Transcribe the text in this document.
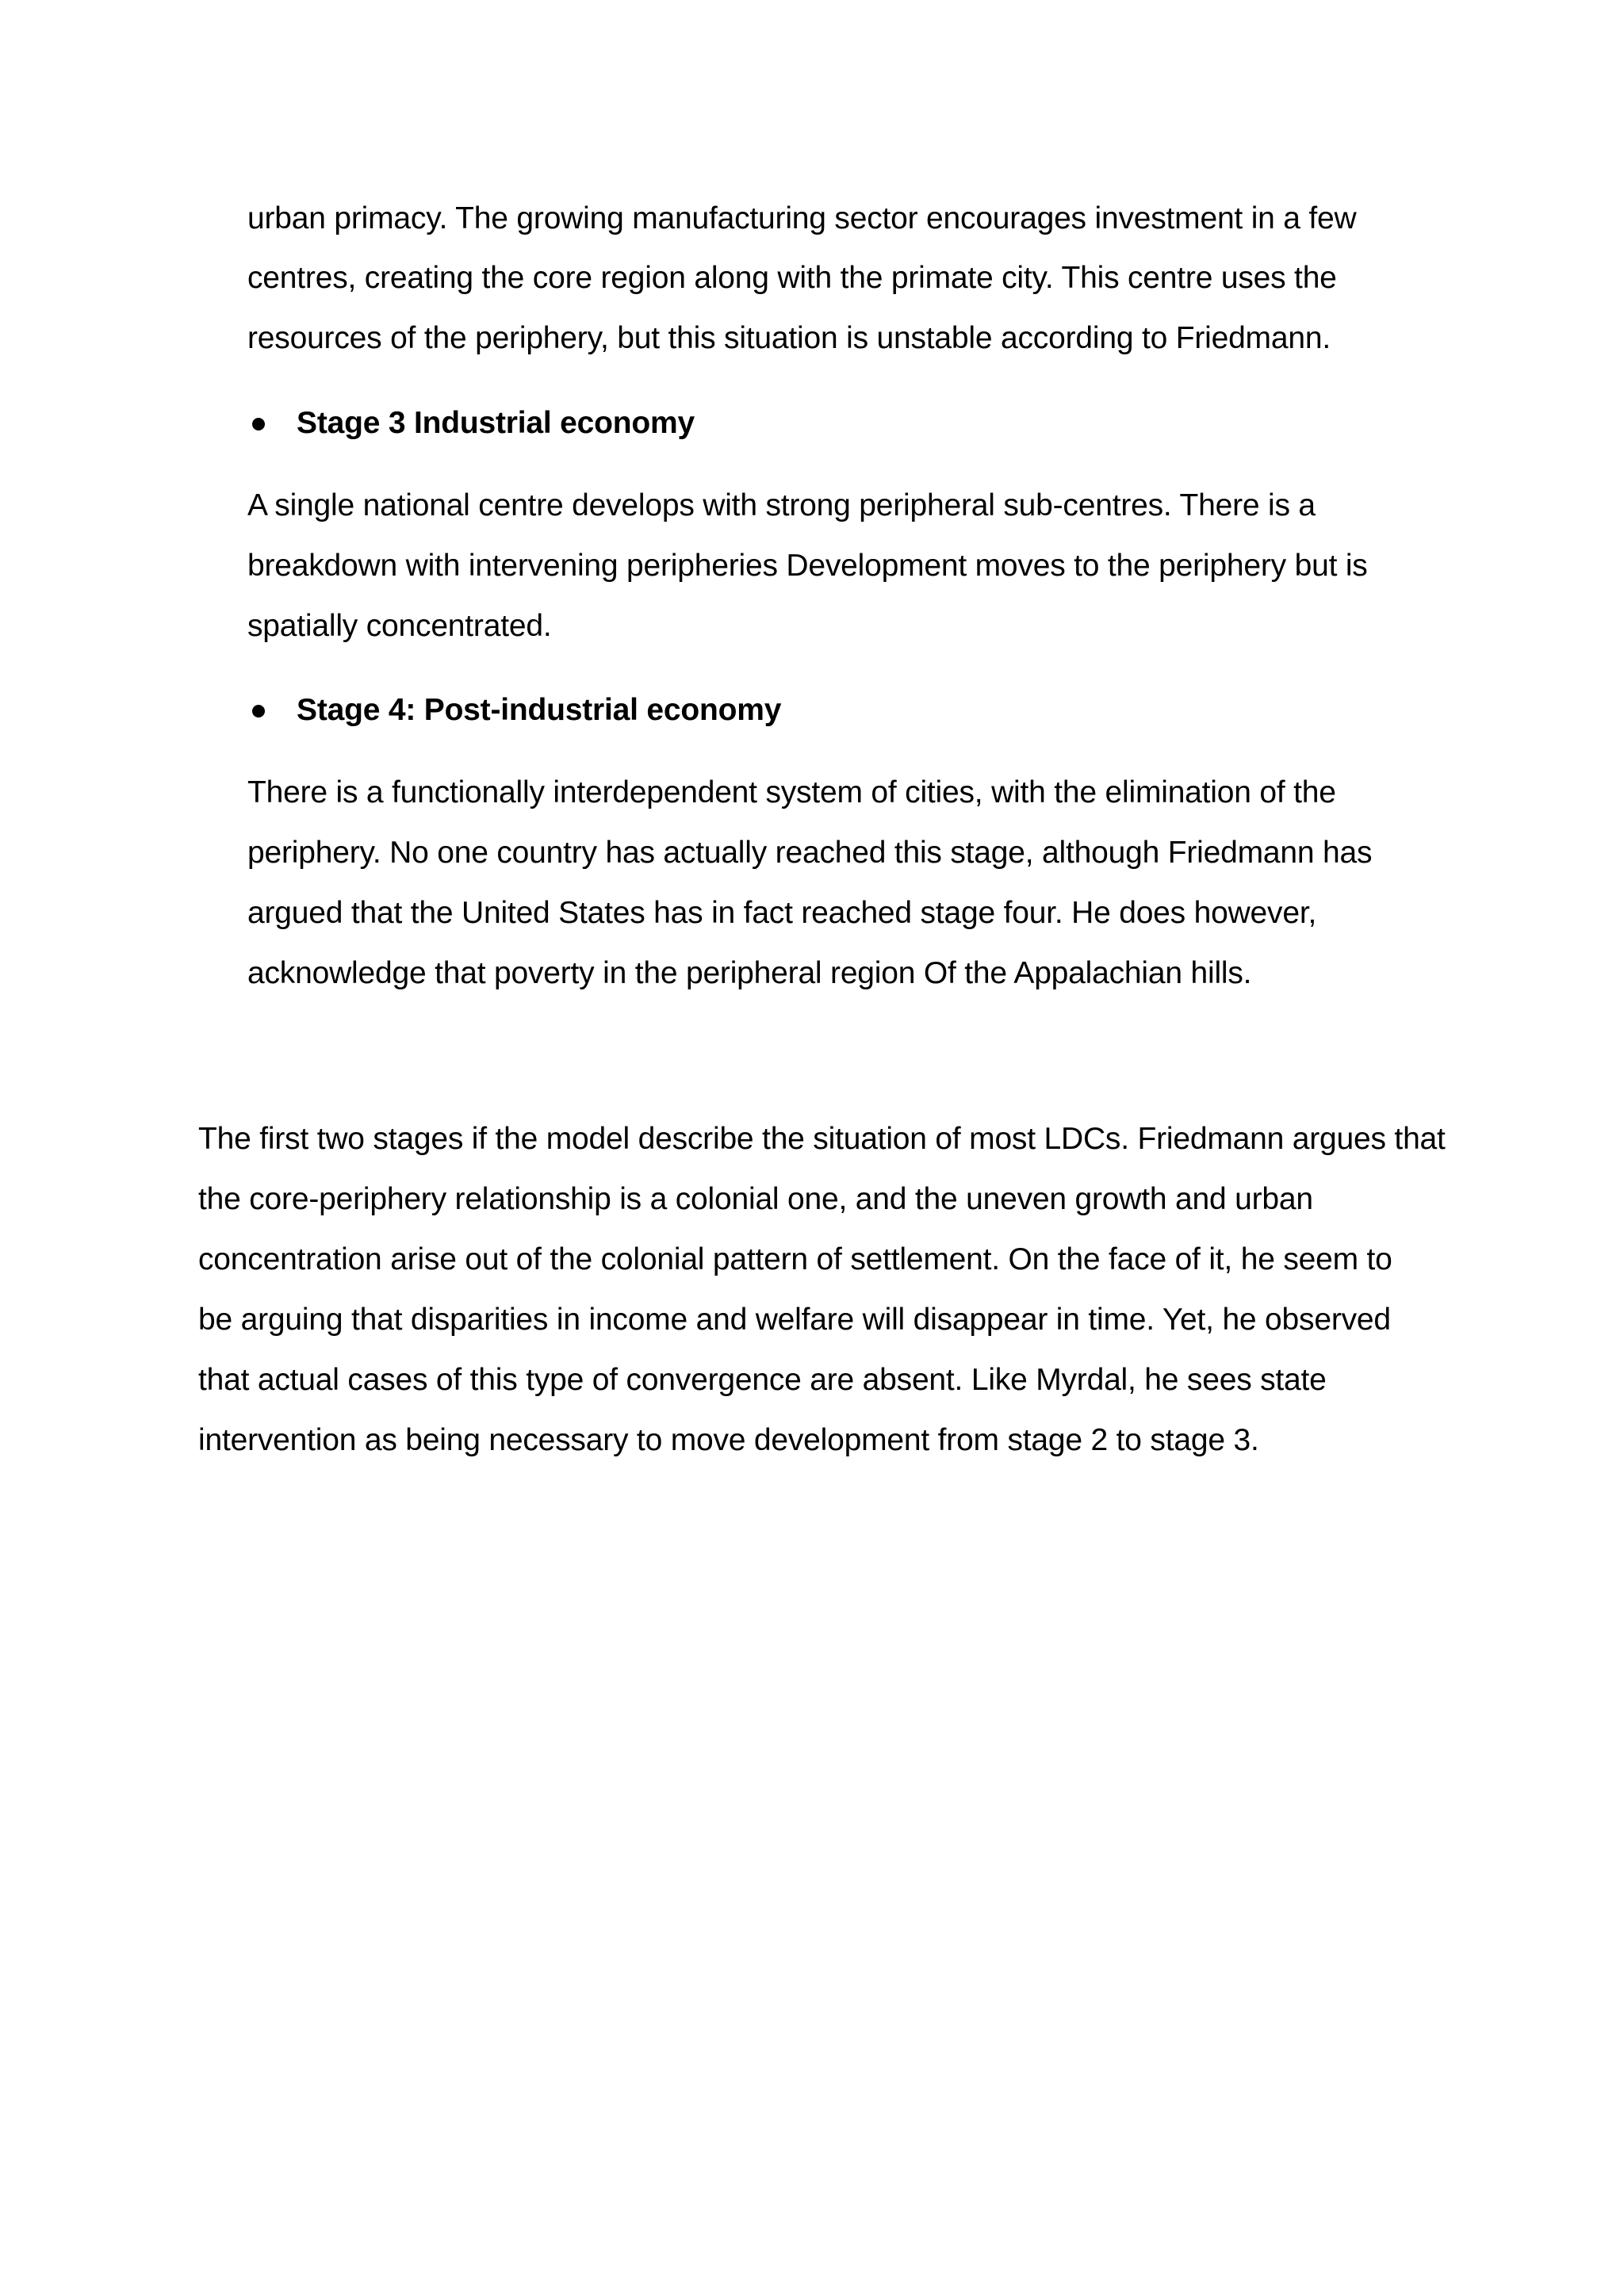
urban primacy. The growing manufacturing sector encourages investment in a few

centres, creating the core region along with the primate city. This centre uses the

resources of the periphery, but this situation is unstable according to Friedmann.

Stage 3 Industrial economy

A single national centre develops with strong peripheral sub-centres. There is a

breakdown with intervening peripheries Development moves to the periphery but is

spatially concentrated.

Stage 4: Post-industrial economy

There is a functionally interdependent system of cities, with the elimination of the

periphery. No one country has actually reached this stage, although Friedmann has

argued that the United States has in fact reached stage four. He does however,

acknowledge that poverty in the peripheral region Of the Appalachian hills.

The first two stages if the model describe the situation of most LDCs. Friedmann argues that

the core-periphery relationship is a colonial one, and the uneven growth and urban

concentration arise out of the colonial pattern of settlement. On the face of it, he seem to

be arguing that disparities in income and welfare will disappear in time. Yet, he observed

that actual cases of this type of convergence are absent. Like Myrdal, he sees state

intervention as being necessary to move development from stage 2 to stage 3.
